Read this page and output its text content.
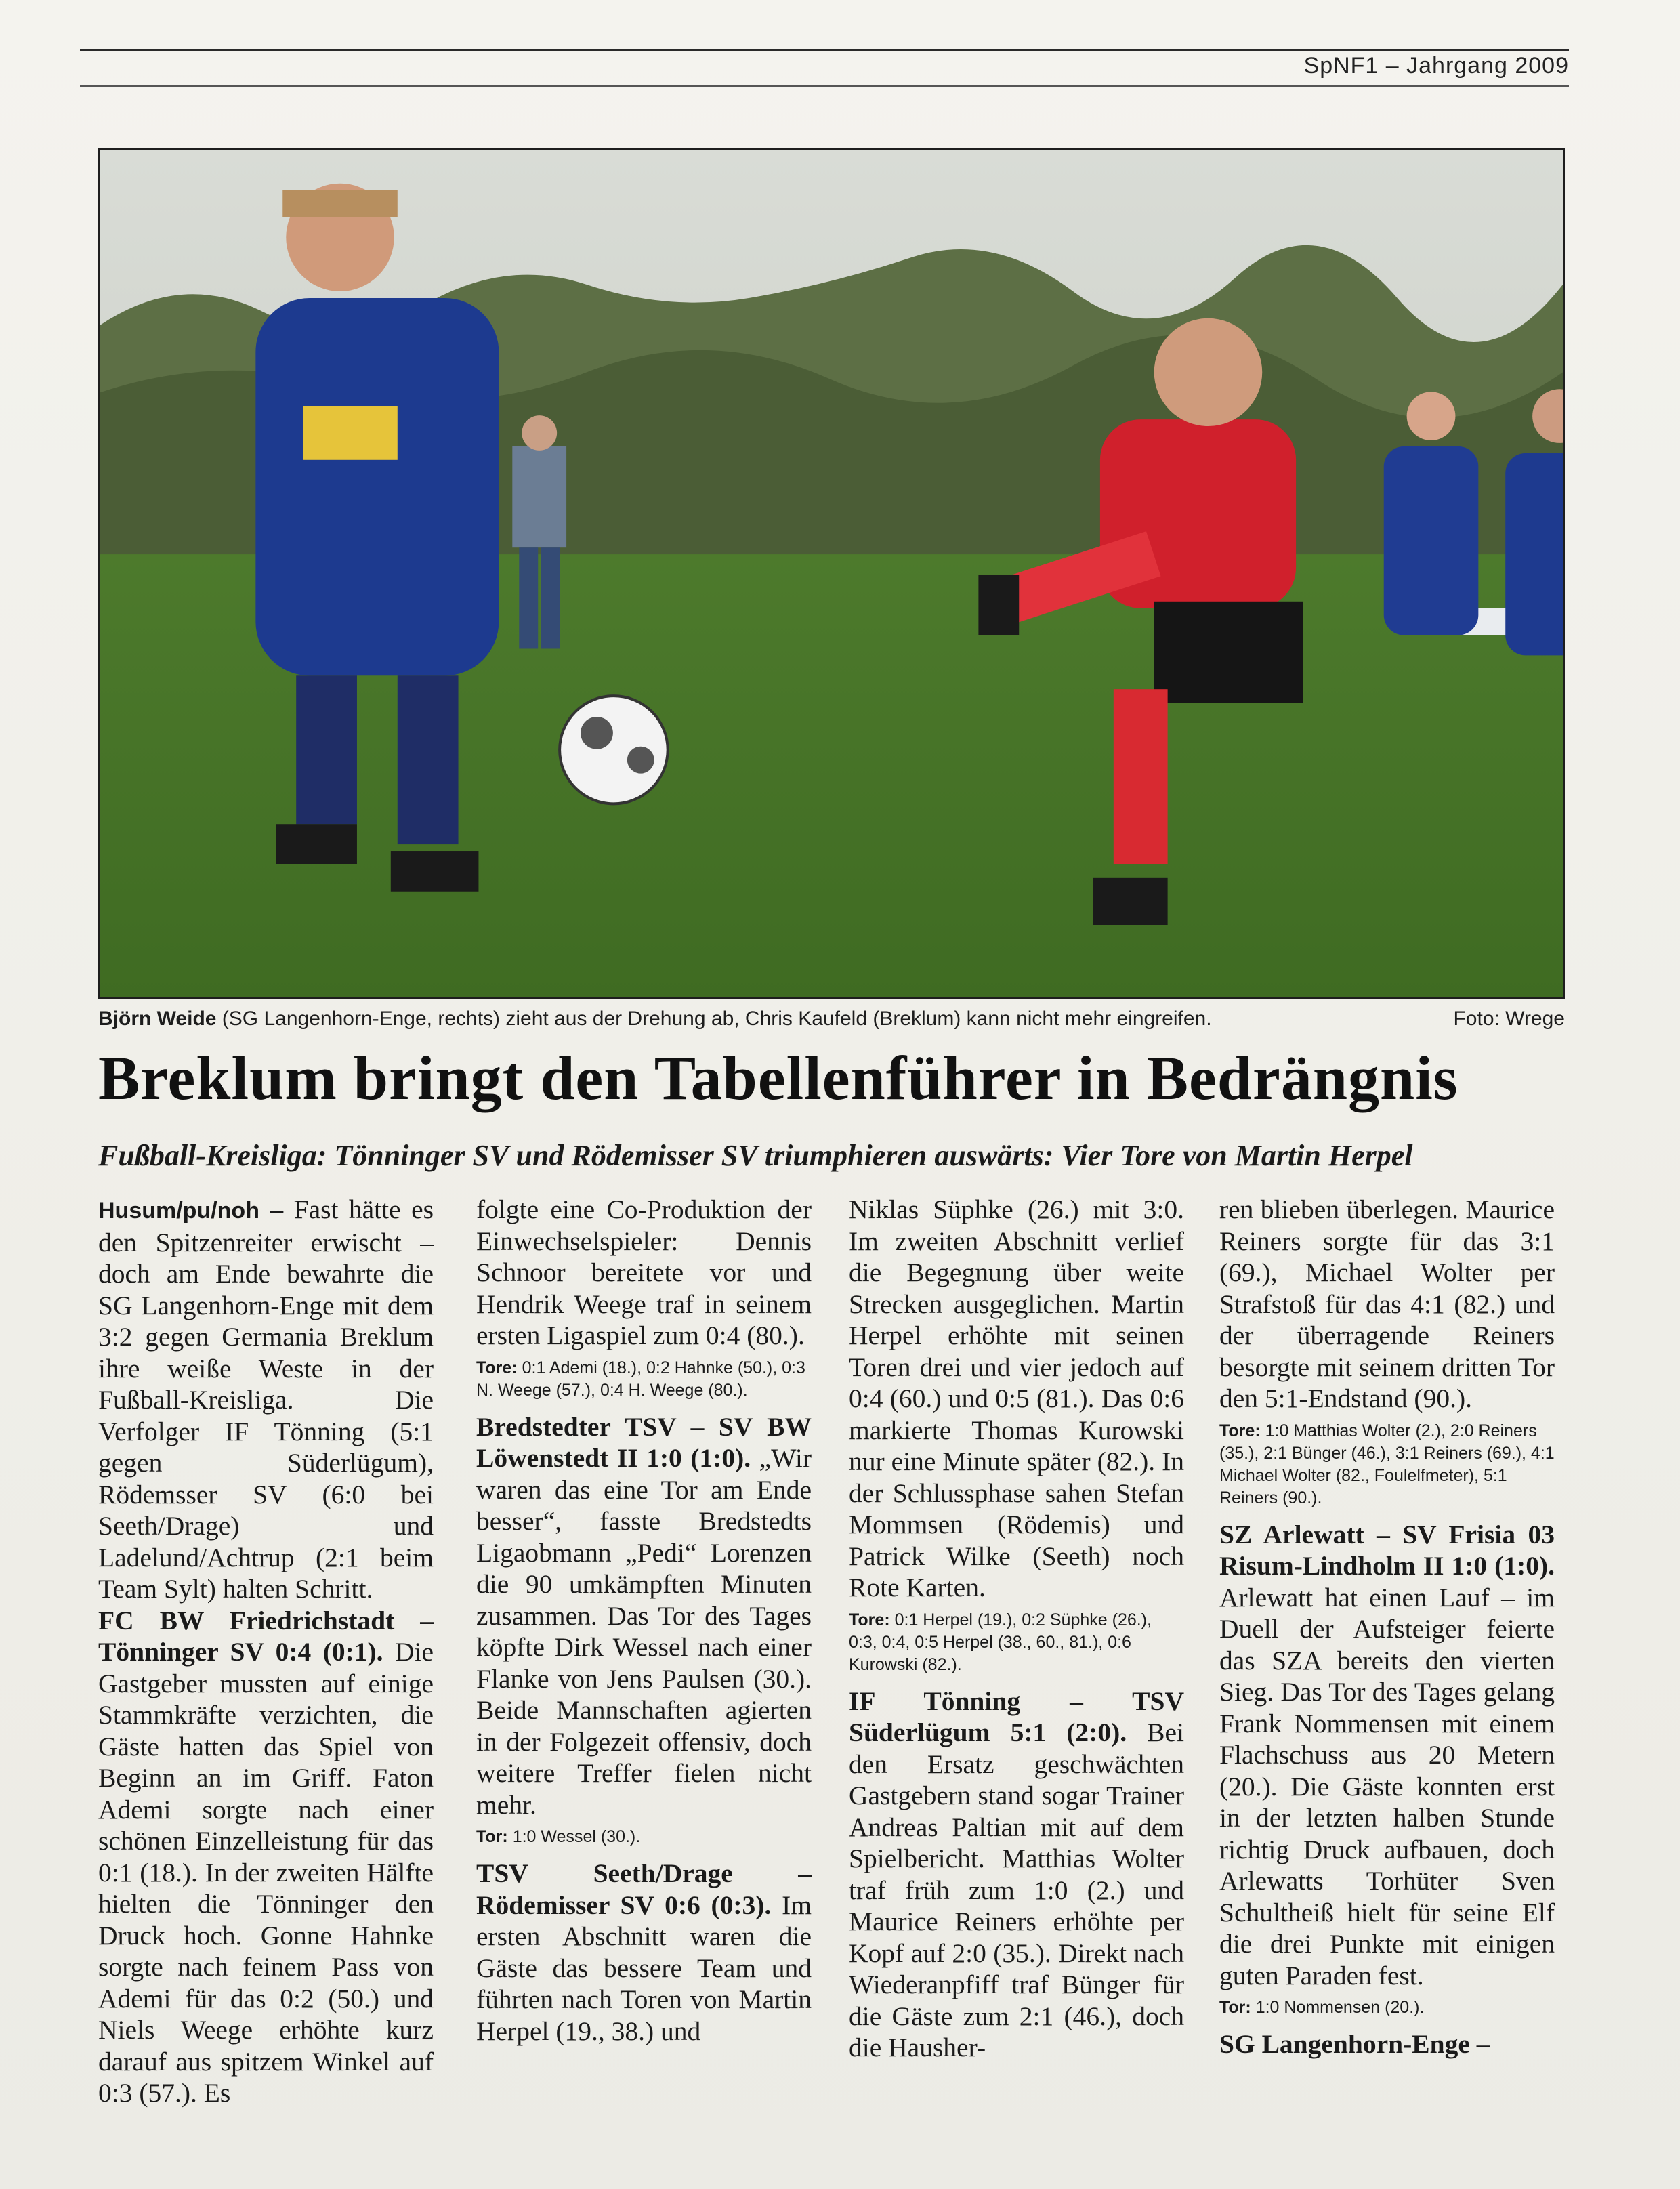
SpNF1 – Jahrgang 2009
Björn Weide (SG Langenhorn-Enge, rechts) zieht aus der Drehung ab, Chris Kaufeld (Breklum) kann nicht mehr eingreifen.	Foto: Wrege
Breklum bringt den Tabellenführer in Bedrängnis
Fußball-Kreisliga: Tönninger SV und Rödemisser SV triumphieren auswärts: Vier Tore von Martin Herpel

Husum/pu/noh – Fast hätte es den Spitzenreiter erwischt – doch am Ende bewahrte die SG Langenhorn-Enge mit dem 3:2 gegen Germania Breklum ihre weiße Weste in der Fußball-Kreisliga. Die Verfolger IF Tönning (5:1 gegen Süderlügum), Rödemsser SV (6:0 bei Seeth/Drage) und Ladelund/Achtrup (2:1 beim Team Sylt) halten Schritt.

FC BW Friedrichstadt – Tönninger SV 0:4 (0:1). Die Gastgeber mussten auf einige Stammkräfte verzichten, die Gäste hatten das Spiel von Beginn an im Griff. Faton Ademi sorgte nach einer schönen Einzelleistung für das 0:1 (18.). In der zweiten Hälfte hielten die Tönninger den Druck hoch. Gonne Hahnke sorgte nach feinem Pass von Ademi für das 0:2 (50.) und Niels Weege erhöhte kurz darauf aus spitzem Winkel auf 0:3 (57.). Es

folgte eine Co-Produktion der Einwechselspieler: Dennis Schnoor bereitete vor und Hendrik Weege traf in seinem ersten Ligaspiel zum 0:4 (80.).

Tore: 0:1 Ademi (18.), 0:2 Hahnke (50.), 0:3 N. Weege (57.), 0:4 H. Weege (80.).

Bredstedter TSV – SV BW Löwenstedt II 1:0 (1:0). „Wir waren das eine Tor am Ende besser“, fasste Bredstedts Ligaobmann „Pedi“ Lorenzen die 90 umkämpften Minuten zusammen. Das Tor des Tages köpfte Dirk Wessel nach einer Flanke von Jens Paulsen (30.). Beide Mannschaften agierten in der Folgezeit offensiv, doch weitere Treffer fielen nicht mehr.

Tor: 1:0 Wessel (30.).

TSV Seeth/Drage – Rödemisser SV 0:6 (0:3). Im ersten Abschnitt waren die Gäste das bessere Team und führten nach Toren von Martin Herpel (19., 38.) und

Niklas Süphke (26.) mit 3:0. Im zweiten Abschnitt verlief die Begegnung über weite Strecken ausgeglichen. Martin Herpel erhöhte mit seinen Toren drei und vier jedoch auf 0:4 (60.) und 0:5 (81.). Das 0:6 markierte Thomas Kurowski nur eine Minute später (82.). In der Schlussphase sahen Stefan Mommsen (Rödemis) und Patrick Wilke (Seeth) noch Rote Karten.

Tore: 0:1 Herpel (19.), 0:2 Süphke (26.), 0:3, 0:4, 0:5 Herpel (38., 60., 81.), 0:6 Kurowski (82.).

IF Tönning – TSV Süderlügum 5:1 (2:0). Bei den Ersatz geschwächten Gastgebern stand sogar Trainer Andreas Paltian mit auf dem Spielbericht. Matthias Wolter traf früh zum 1:0 (2.) und Maurice Reiners erhöhte per Kopf auf 2:0 (35.). Direkt nach Wiederanpfiff traf Bünger für die Gäste zum 2:1 (46.), doch die Hausher-

ren blieben überlegen. Maurice Reiners sorgte für das 3:1 (69.), Michael Wolter per Strafstoß für das 4:1 (82.) und der überragende Reiners besorgte mit seinem dritten Tor den 5:1-Endstand (90.).

Tore: 1:0 Matthias Wolter (2.), 2:0 Reiners (35.), 2:1 Bünger (46.), 3:1 Reiners (69.), 4:1 Michael Wolter (82., Foulelfmeter), 5:1 Reiners (90.).

SZ Arlewatt – SV Frisia 03 Risum-Lindholm II 1:0 (1:0). Arlewatt hat einen Lauf – im Duell der Aufsteiger feierte das SZA bereits den vierten Sieg. Das Tor des Tages gelang Frank Nommensen mit einem Flachschuss aus 20 Metern (20.). Die Gäste konnten erst in der letzten halben Stunde richtig Druck aufbauen, doch Arlewatts Torhüter Sven Schultheiß hielt für seine Elf die drei Punkte mit einigen guten Paraden fest.

Tor: 1:0 Nommensen (20.).

SG Langenhorn-Enge –
